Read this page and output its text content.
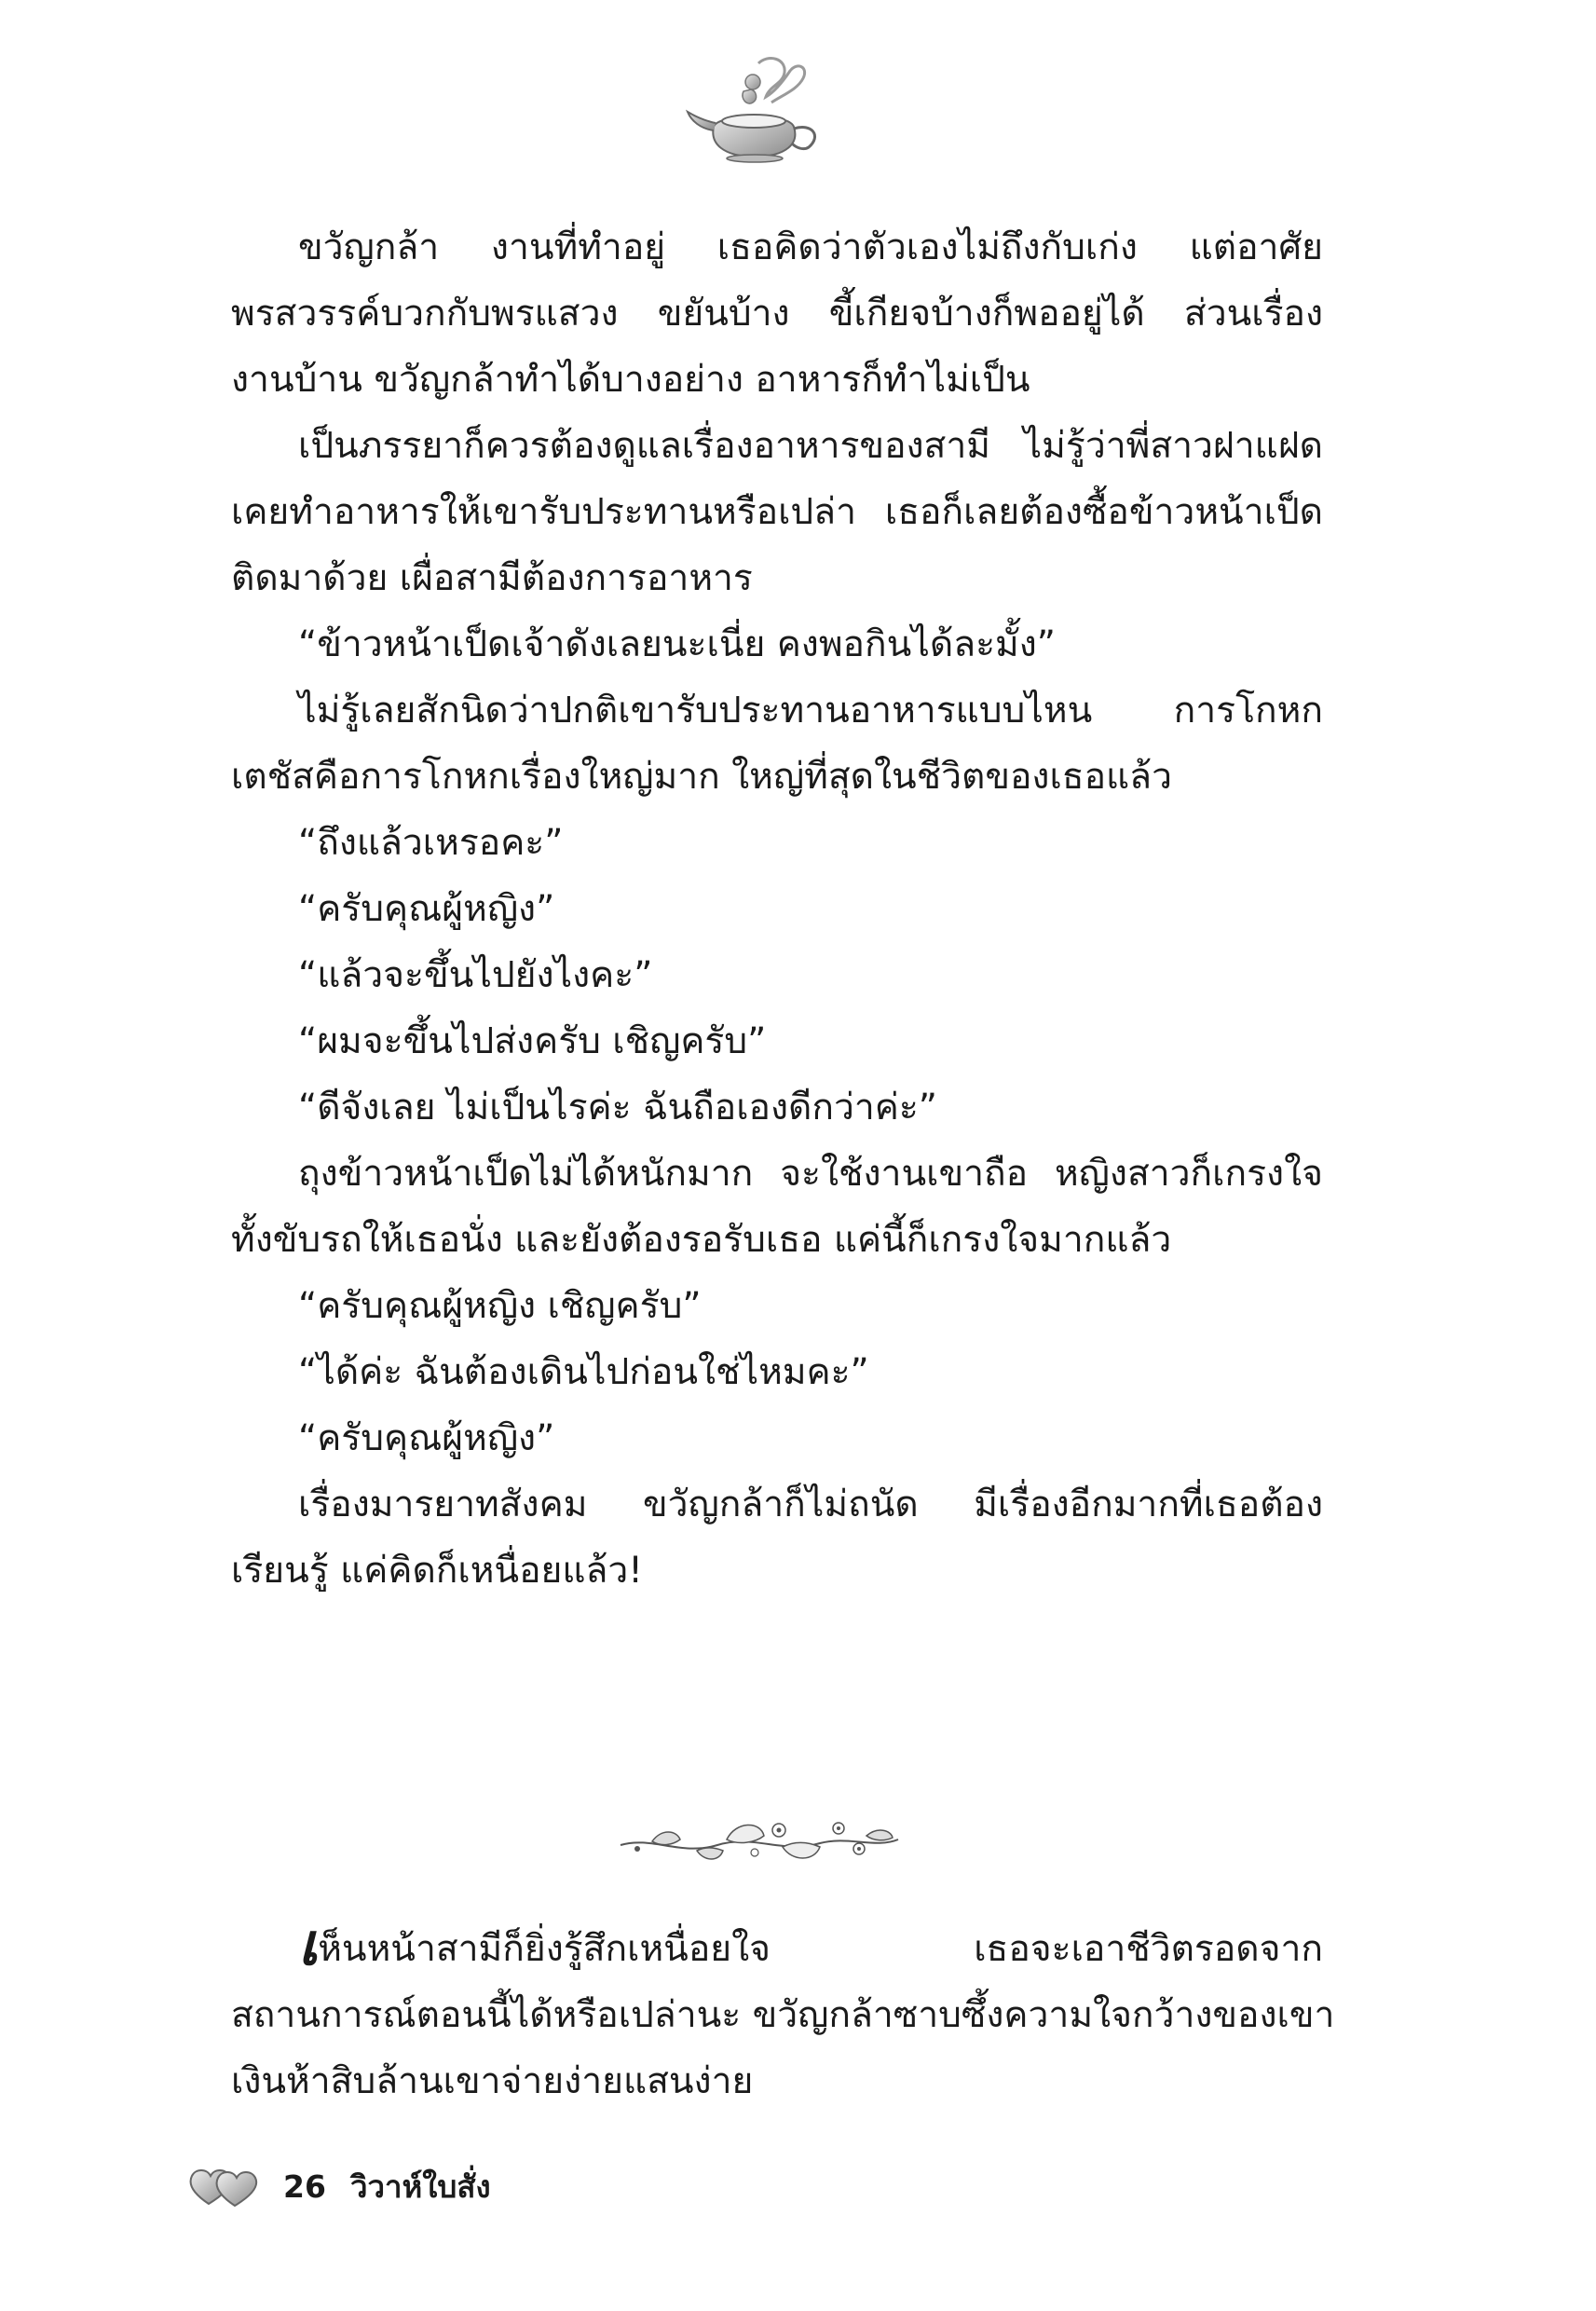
ขวัญกล้า งานที่ทำอยู่ เธอคิดว่าตัวเองไม่ถึงกับเก่ง แต่อาศัย
พรสวรรค์บวกกับพรแสวง ขยันบ้าง ขี้เกียจบ้างก็พออยู่ได้ ส่วนเรื่อง
งานบ้าน ขวัญกล้าทำได้บางอย่าง อาหารก็ทำไม่เป็น
เป็นภรรยาก็ควรต้องดูแลเรื่องอาหารของสามี ไม่รู้ว่าพี่สาวฝาแฝด
เคยทำอาหารให้เขารับประทานหรือเปล่า เธอก็เลยต้องซื้อข้าวหน้าเป็ด
ติดมาด้วย เผื่อสามีต้องการอาหาร
“ข้าวหน้าเป็ดเจ้าดังเลยนะเนี่ย คงพอกินได้ละมั้ง”
ไม่รู้เลยสักนิดว่าปกติเขารับประทานอาหารแบบไหน การโกหก
เตชัสคือการโกหกเรื่องใหญ่มาก ใหญ่ที่สุดในชีวิตของเธอแล้ว
“ถึงแล้วเหรอคะ”
“ครับคุณผู้หญิง”
“แล้วจะขึ้นไปยังไงคะ”
“ผมจะขึ้นไปส่งครับ เชิญครับ”
“ดีจังเลย ไม่เป็นไรค่ะ ฉันถือเองดีกว่าค่ะ”
ถุงข้าวหน้าเป็ดไม่ได้หนักมาก จะใช้งานเขาถือ หญิงสาวก็เกรงใจ
ทั้งขับรถให้เธอนั่ง และยังต้องรอรับเธอ แค่นี้ก็เกรงใจมากแล้ว
“ครับคุณผู้หญิง เชิญครับ”
“ได้ค่ะ ฉันต้องเดินไปก่อนใช่ไหมคะ”
“ครับคุณผู้หญิง”
เรื่องมารยาทสังคม ขวัญกล้าก็ไม่ถนัด มีเรื่องอีกมากที่เธอต้อง
เรียนรู้ แค่คิดก็เหนื่อยแล้ว!
เห็นหน้าสามีก็ยิ่งรู้สึกเหนื่อยใจ เธอจะเอาชีวิตรอดจาก
สถานการณ์ตอนนี้ได้หรือเปล่านะ ขวัญกล้าซาบซึ้งความใจกว้างของเขา
เงินห้าสิบล้านเขาจ่ายง่ายแสนง่าย
26 วิวาห์ใบสั่ง
